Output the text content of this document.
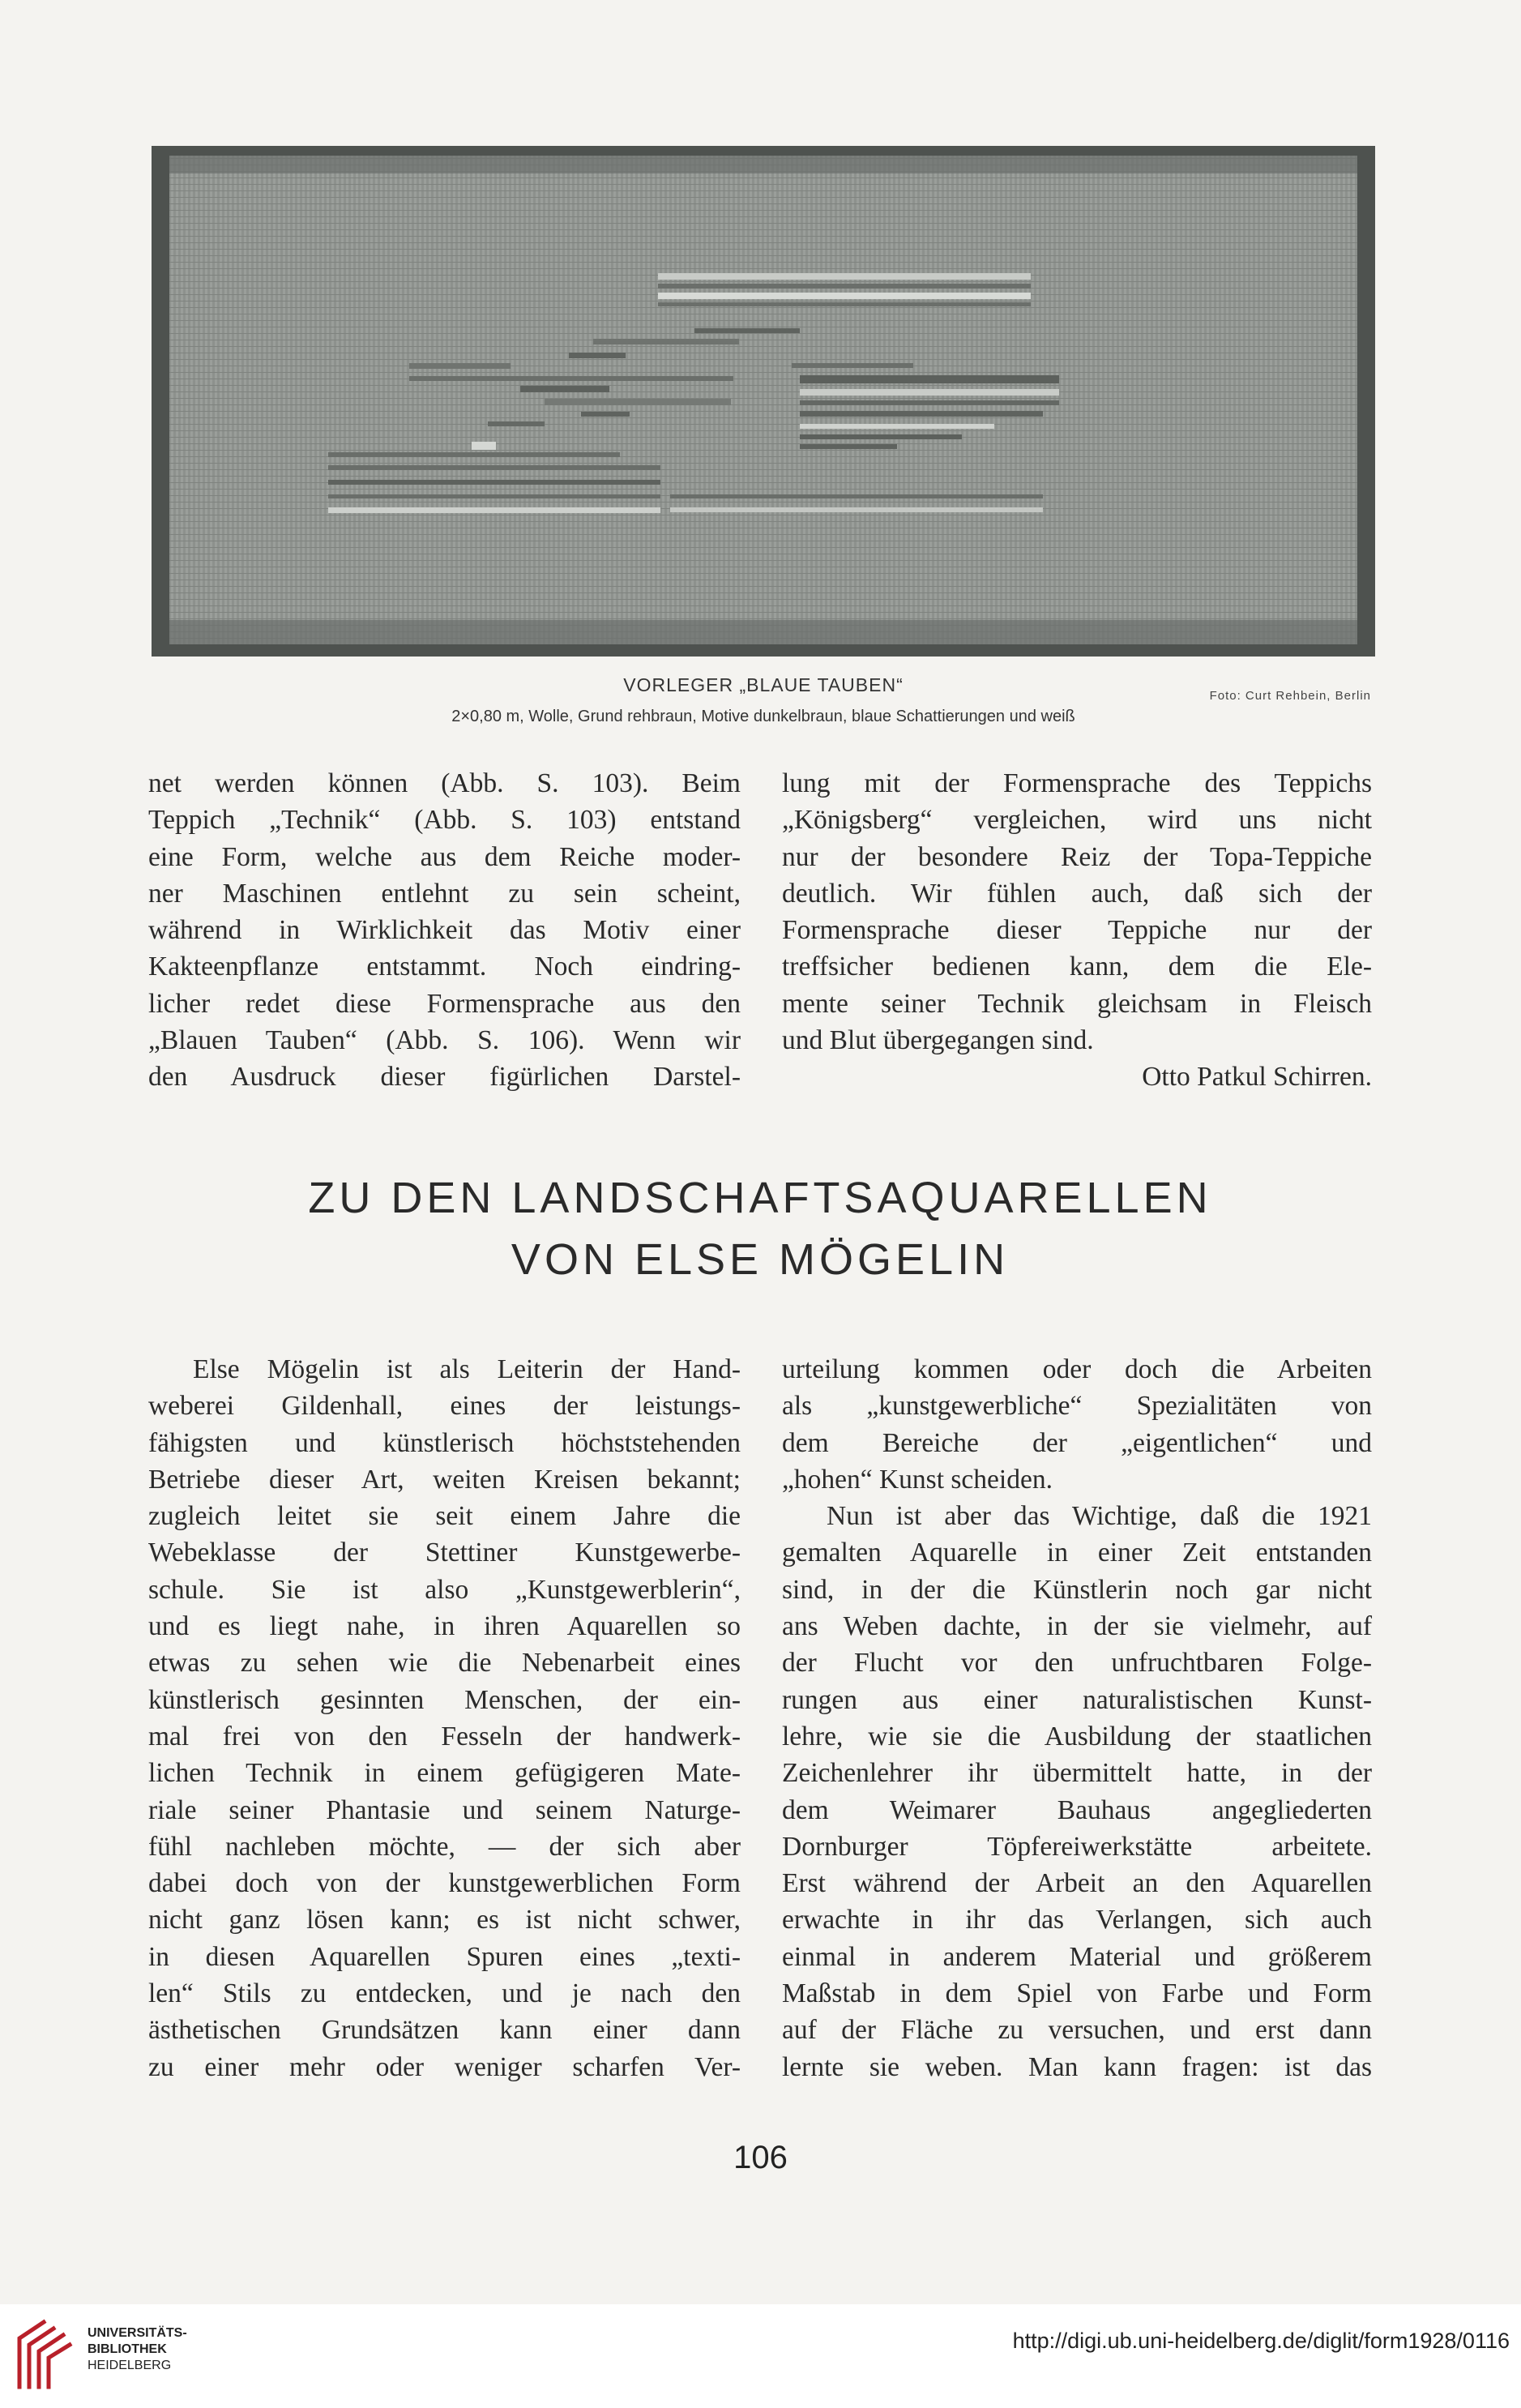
VORLEGER „BLAUE TAUBEN“
Foto: Curt Rehbein, Berlin
2×0,80 m, Wolle, Grund rehbraun, Motive dunkelbraun, blaue Schattierungen und weiß
net werden können (Abb. S. 103). Beim
Teppich „Technik“ (Abb. S. 103) entstand
eine Form, welche aus dem Reiche moder-
ner Maschinen entlehnt zu sein scheint,
während in Wirklichkeit das Motiv einer
Kakteenpflanze entstammt. Noch eindring-
licher redet diese Formensprache aus den
„Blauen Tauben“ (Abb. S. 106). Wenn wir
den Ausdruck dieser figürlichen Darstel-
lung mit der Formensprache des Teppichs
„Königsberg“ vergleichen, wird uns nicht
nur der besondere Reiz der Topa-Teppiche
deutlich. Wir fühlen auch, daß sich der
Formensprache dieser Teppiche nur der
treffsicher bedienen kann, dem die Ele-
mente seiner Technik gleichsam in Fleisch
und Blut übergegangen sind.
Otto Patkul Schirren.
ZU DEN LANDSCHAFTSAQUARELLEN
VON ELSE MÖGELIN
Else Mögelin ist als Leiterin der Hand-
weberei Gildenhall, eines der leistungs-
fähigsten und künstlerisch höchststehenden
Betriebe dieser Art, weiten Kreisen bekannt;
zugleich leitet sie seit einem Jahre die
Webeklasse der Stettiner Kunstgewerbe-
schule. Sie ist also „Kunstgewerblerin“,
und es liegt nahe, in ihren Aquarellen so
etwas zu sehen wie die Nebenarbeit eines
künstlerisch gesinnten Menschen, der ein-
mal frei von den Fesseln der handwerk-
lichen Technik in einem gefügigeren Mate-
riale seiner Phantasie und seinem Naturge-
fühl nachleben möchte, — der sich aber
dabei doch von der kunstgewerblichen Form
nicht ganz lösen kann; es ist nicht schwer,
in diesen Aquarellen Spuren eines „texti-
len“ Stils zu entdecken, und je nach den
ästhetischen Grundsätzen kann einer dann
zu einer mehr oder weniger scharfen Ver-
urteilung kommen oder doch die Arbeiten
als „kunstgewerbliche“ Spezialitäten von
dem Bereiche der „eigentlichen“ und
„hohen“ Kunst scheiden.
Nun ist aber das Wichtige, daß die 1921
gemalten Aquarelle in einer Zeit entstanden
sind, in der die Künstlerin noch gar nicht
ans Weben dachte, in der sie vielmehr, auf
der Flucht vor den unfruchtbaren Folge-
rungen aus einer naturalistischen Kunst-
lehre, wie sie die Ausbildung der staatlichen
Zeichenlehrer ihr übermittelt hatte, in der
dem Weimarer Bauhaus angegliederten
Dornburger Töpfereiwerkstätte arbeitete.
Erst während der Arbeit an den Aquarellen
erwachte in ihr das Verlangen, sich auch
einmal in anderem Material und größerem
Maßstab in dem Spiel von Farbe und Form
auf der Fläche zu versuchen, und erst dann
lernte sie weben. Man kann fragen: ist das
106
UNIVERSITÄTS-
BIBLIOTHEK
HEIDELBERG
http://digi.ub.uni-heidelberg.de/diglit/form1928/0116
